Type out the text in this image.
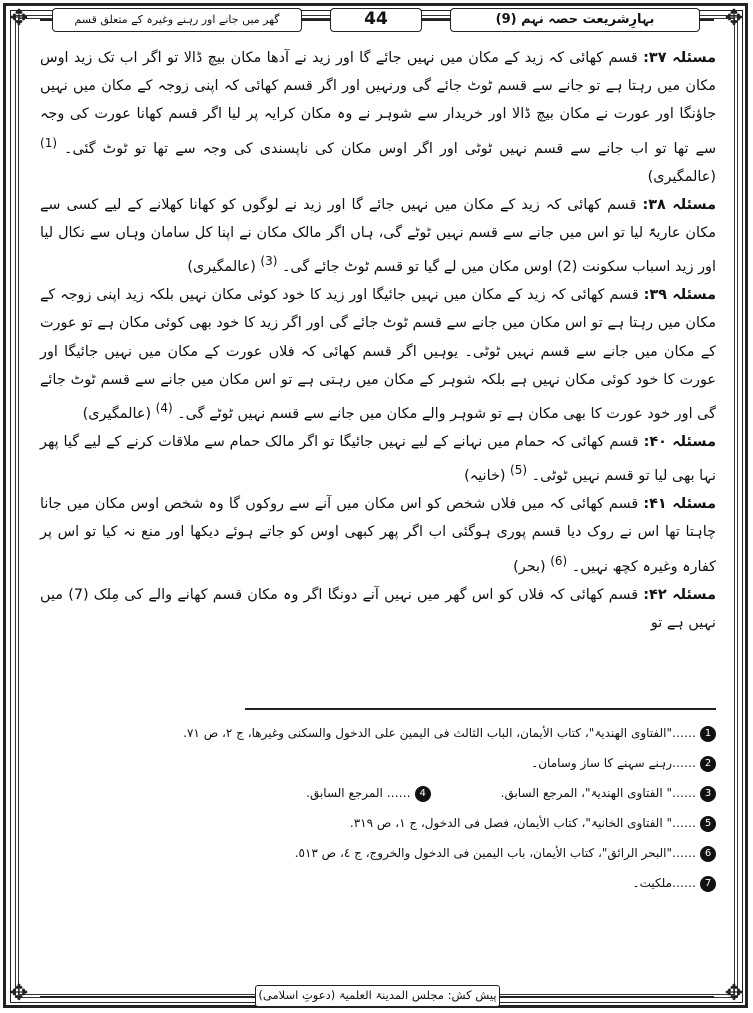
✥	✥
✥	✥
بہارِشریعت حصہ نہم (9)
44
گھر میں جانے اور رہنے وغیرہ کے متعلق قسم

مسئلہ ۳۷: قسم کھائی کہ زید کے مکان میں نہیں جائے گا اور زید نے آدھا مکان بیچ ڈالا تو اگر اب تک زید اوس مکان میں رہتا ہے تو جانے سے قسم ٹوٹ جائے گی ورنہیں اور اگر قسم کھائی کہ اپنی زوجہ کے مکان میں نہیں جاؤنگا اور عورت نے مکان بیچ ڈالا اور خریدار سے شوہر نے وہ مکان کرایہ پر لیا اگر قسم کھانا عورت کی وجہ سے تھا تو اب جانے سے قسم نہیں ٹوٹی اور اگر اوس مکان کی ناپسندی کی وجہ سے تھا تو ٹوٹ گئی۔ $^{(1)}$ (عالمگیری)

مسئلہ ۳۸: قسم کھائی کہ زید کے مکان میں نہیں جائے گا اور زید نے لوگوں کو کھانا کھلانے کے لیے کسی سے مکان عاریۃً لیا تو اس میں جانے سے قسم نہیں ٹوٹے گی، ہاں اگر مالک مکان نے اپنا کل سامان وہاں سے نکال لیا اور زید اسباب سکونت (2) اوس مکان میں لے گیا تو قسم ٹوٹ جائے گی۔ $^{(3)}$ (عالمگیری)

مسئلہ ۳۹: قسم کھائی کہ زید کے مکان میں نہیں جائیگا اور زید کا خود کوئی مکان نہیں بلکہ زید اپنی زوجہ کے مکان میں رہتا ہے تو اس مکان میں جانے سے قسم ٹوٹ جائے گی اور اگر زید کا خود بھی کوئی مکان ہے تو عورت کے مکان میں جانے سے قسم نہیں ٹوٹی۔ یوہیں اگر قسم کھائی کہ فلاں عورت کے مکان میں نہیں جائیگا اور عورت کا خود کوئی مکان نہیں ہے بلکہ شوہر کے مکان میں رہتی ہے تو اس مکان میں جانے سے قسم ٹوٹ جائے گی اور خود عورت کا بھی مکان ہے تو شوہر والے مکان میں جانے سے قسم نہیں ٹوٹے گی۔ $^{(4)}$ (عالمگیری)

مسئلہ ۴۰: قسم کھائی کہ حمام میں نہانے کے لیے نہیں جائیگا تو اگر مالک حمام سے ملاقات کرنے کے لیے گیا پھر نہا بھی لیا تو قسم نہیں ٹوٹی۔ $^{(5)}$ (خانیہ)

مسئلہ ۴۱: قسم کھائی کہ میں فلاں شخص کو اس مکان میں آنے سے روکوں گا وہ شخص اوس مکان میں جانا چاہتا تھا اس نے روک دیا قسم پوری ہوگئی اب اگر پھر کبھی اوس کو جاتے ہوئے دیکھا اور منع نہ کیا تو اس پر کفارہ وغیرہ کچھ نہیں۔ $^{(6)}$ (بحر)

مسئلہ ۴۲: قسم کھائی کہ فلاں کو اس گھر میں نہیں آنے دونگا اگر وہ مکان قسم کھانے والے کی مِلک (7) میں نہیں ہے تو

1……"الفتاوی الھندیۃ"، کتاب الأیمان، الباب الثالث فی الیمین علی الدخول والسکنی وغیرھا، ج ۲، ص ۷۱.
2……رہنے سہنے کا ساز وسامان۔
3……" الفتاوی الھندیۃ"، المرجع السابق.4…… المرجع السابق.
5……" الفتاوی الخانیۃ"، کتاب الأیمان، فصل فی الدخول، ج ۱، ص ۳۱۹.
6……"البحر الرائق"، کتاب الأیمان، باب الیمین فی الدخول والخروج، ج ٤، ص ٥١٣.
7……ملکیت۔
پیش کش: مجلس المدینۃ العلمیۃ (دعوتِ اسلامی)
